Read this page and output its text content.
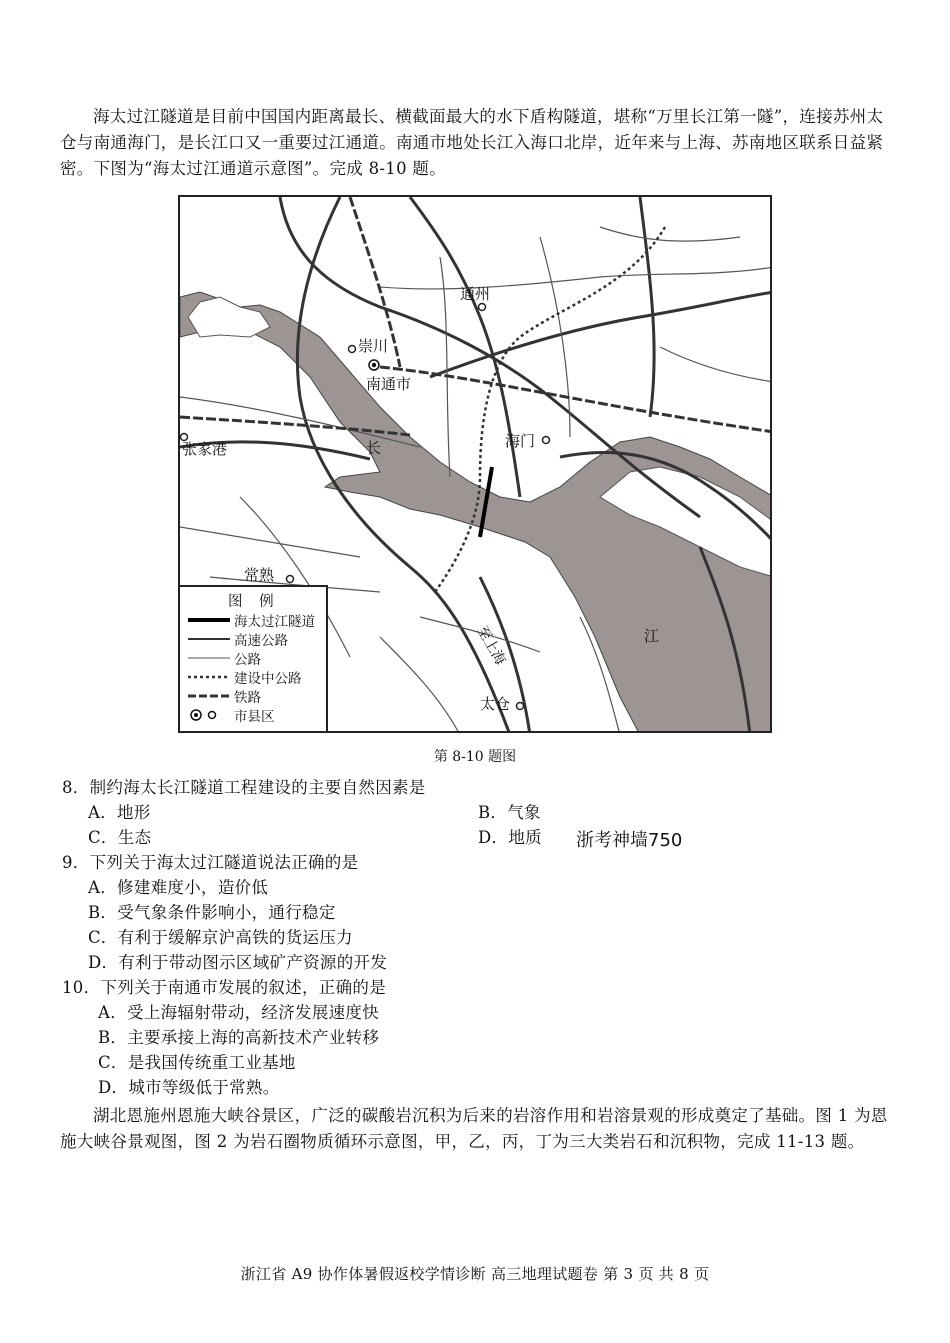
海太过江隧道是目前中国国内距离最长、横截面最大的水下盾构隧道，堪称“万里长江第一隧”，连接苏州太仓与南通海门，是长江口又一重要过江通道。南通市地处长江入海口北岸，近年来与上海、苏南地区联系日益紧密。下图为“海太过江通道示意图”。完成 8-10 题。

通州
崇川
南通市
张家港	海门
长
常熟
江
太仓
至上海
图 例
海太过江隧道
高速公路
公路
建设中公路
铁路
市县区
第 8-10 题图

8．制约海太长江隧道工程建设的主要自然因素是

A．地形	B．气象

C．生态	D．地质 浙考神墙750

9．下列关于海太过江隧道说法正确的是

A．修建难度小，造价低

B．受气象条件影响小，通行稳定

C．有利于缓解京沪高铁的货运压力

D．有利于带动图示区域矿产资源的开发

10．下列关于南通市发展的叙述，正确的是

A．受上海辐射带动，经济发展速度快

B．主要承接上海的高新技术产业转移

C．是我国传统重工业基地

D．城市等级低于常熟。

湖北恩施州恩施大峡谷景区，广泛的碳酸岩沉积为后来的岩溶作用和岩溶景观的形成奠定了基础。图 1 为恩施大峡谷景观图，图 2 为岩石圈物质循环示意图，甲，乙，丙，丁为三大类岩石和沉积物，完成 11-13 题。

浙江省 A9 协作体暑假返校学情诊断 高三地理试题卷 第 3 页 共 8 页
